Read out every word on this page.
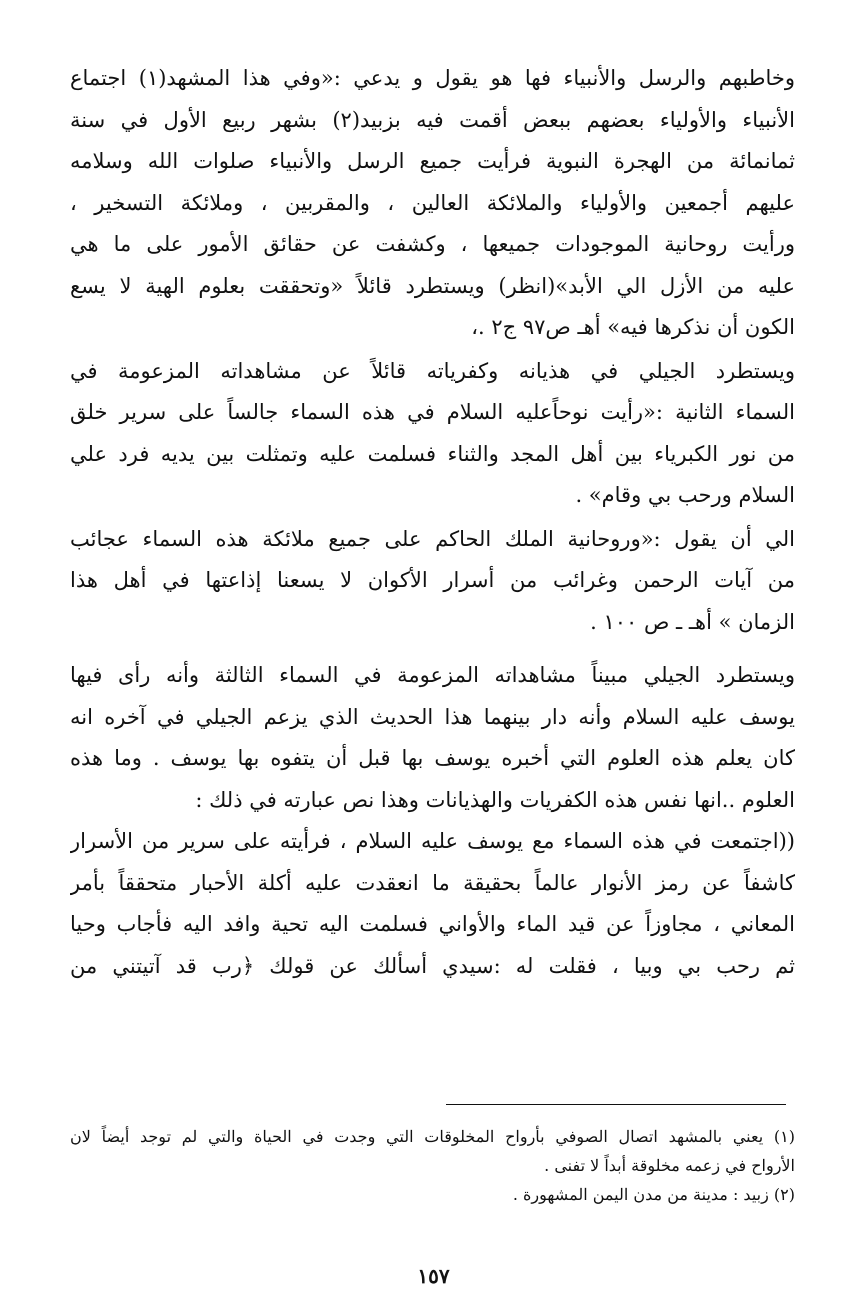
وخاطبهم والرسل والأنبياء فها هو يقول و يدعي :«وفي هذا المشهد(١) اجتماع
الأنبياء والأولياء بعضهم ببعض أقمت فيه بزبيد(٢) بشهر ربيع الأول في سنة
ثمانمائة من الهجرة النبوية فرأيت جميع الرسل والأنبياء صلوات الله وسلامه
عليهم أجمعين والأولياء والملائكة العالين ، والمقربين ، وملائكة التسخير ،
ورأيت روحانية الموجودات جميعها ، وكشفت عن حقائق الأمور على ما هي
عليه من الأزل الي الأبد»(انظر) ويستطرد قائلاً «وتحققت بعلوم الهية لا يسع
الكون أن نذكرها فيه» أهـ ص٩٧ ج٢ .،

ويستطرد الجيلي في هذيانه وكفرياته قائلاً عن مشاهداته المزعومة في
السماء الثانية :«رأيت نوحاًعليه السلام في هذه السماء جالساً على سرير خلق
من نور الكبرياء بين أهل المجد والثناء فسلمت عليه وتمثلت بين يديه فرد علي
السلام ورحب بي وقام» .

الي أن يقول :«وروحانية الملك الحاكم على جميع ملائكة هذه السماء عجائب
من آيات الرحمن وغرائب من أسرار الأكوان لا يسعنا إذاعتها في أهل هذا
الزمان » أهـ ـ ص ١٠٠ .

ويستطرد الجيلي مبيناً مشاهداته المزعومة في السماء الثالثة وأنه رأى فيها
يوسف عليه السلام وأنه دار بينهما هذا الحديث الذي يزعم الجيلي في آخره انه
كان يعلم هذه العلوم التي أخبره يوسف بها قبل أن يتفوه بها يوسف . وما هذه
العلوم ..انها نفس هذه الكفريات والهذيانات وهذا نص عبارته في ذلك :

((اجتمعت في هذه السماء مع يوسف عليه السلام ، فرأيته على سرير من الأسرار
كاشفاً عن رمز الأنوار عالماً بحقيقة ما انعقدت عليه أكلة الأحبار متحققاً بأمر
المعاني ، مجاوزاً عن قيد الماء والأواني فسلمت اليه تحية وافد اليه فأجاب وحيا
ثم رحب بي وبيا ، فقلت له :سيدي أسألك عن قولك ﴿رب قد آتيتني من

(١) يعني بالمشهد اتصال الصوفي بأرواح المخلوقات التي وجدت في الحياة والتي لم توجد أيضاً لان
الأرواح في زعمه مخلوقة أبداً لا تفنى .
(٢) زبيد : مدينة من مدن اليمن المشهورة .
١٥٧
